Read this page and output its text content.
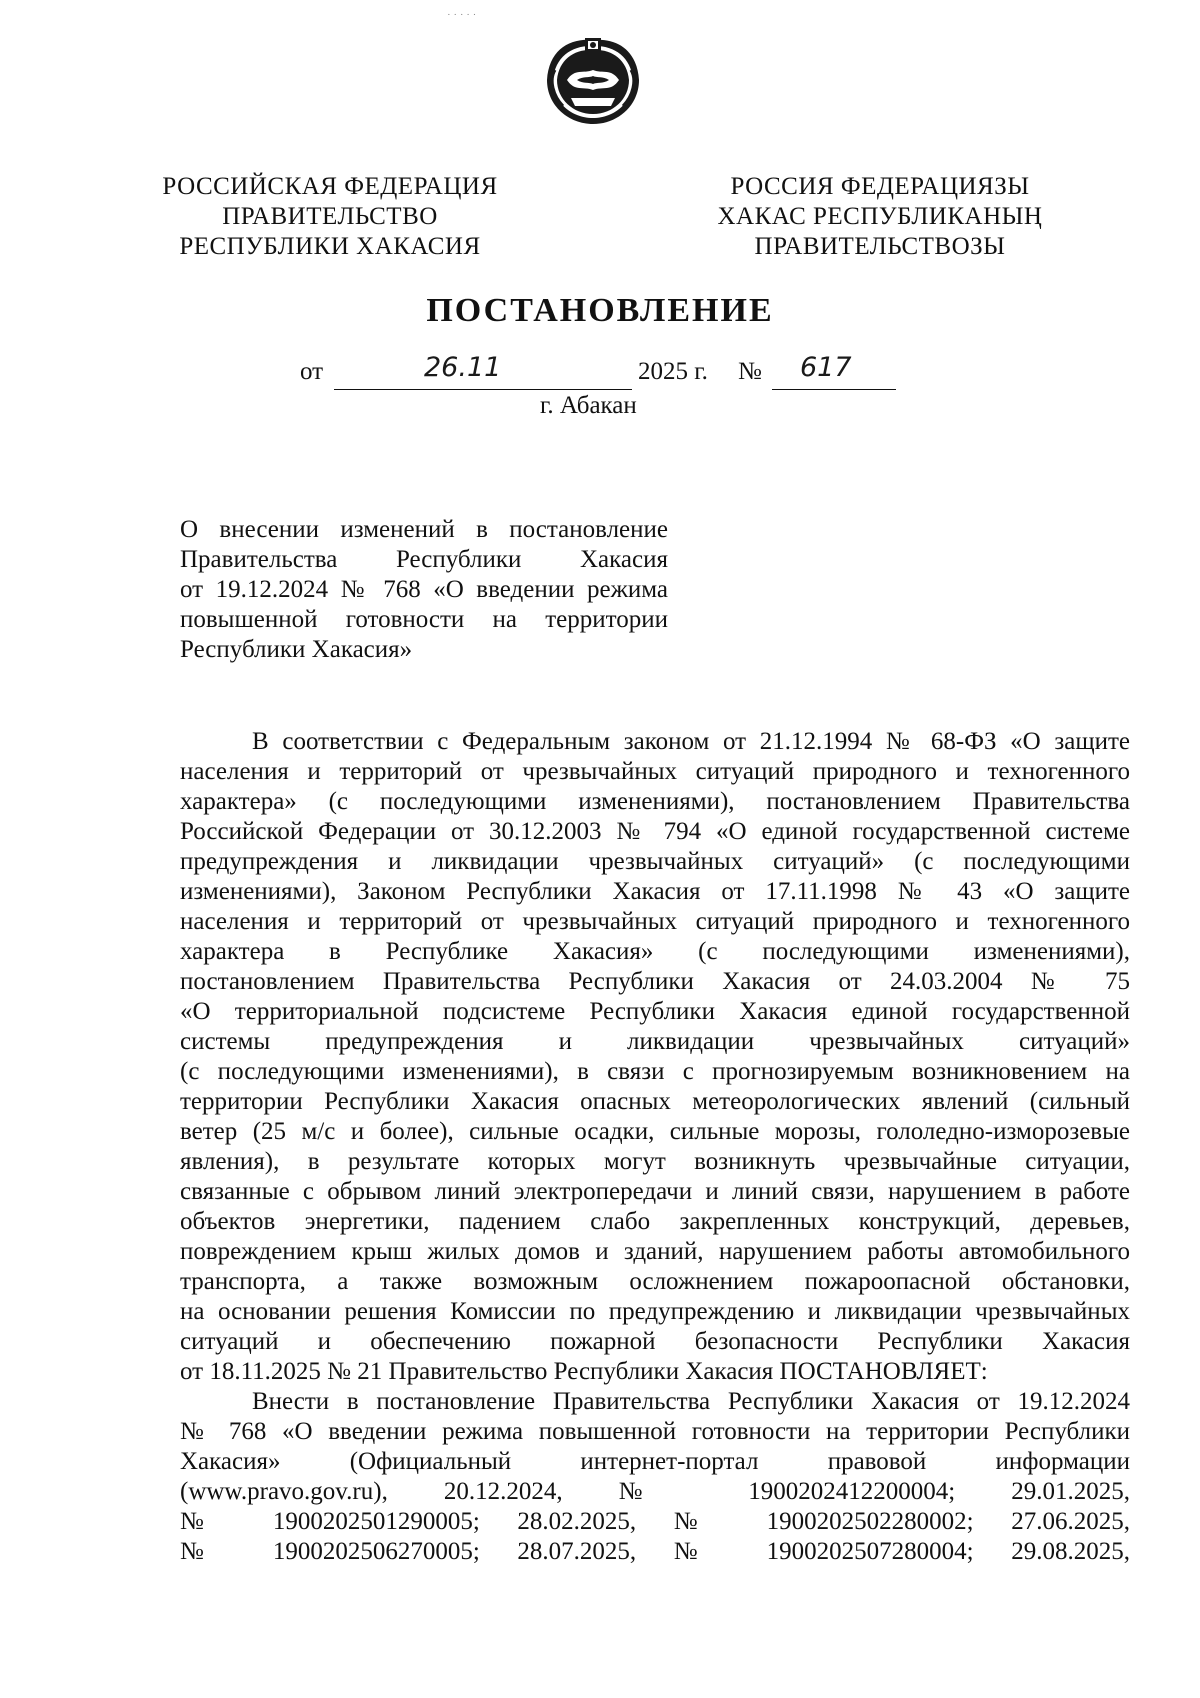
˙ ˙ ˙ ˙ ˙
РОССИЙСКАЯ ФЕДЕРАЦИЯ
ПРАВИТЕЛЬСТВО
РЕСПУБЛИКИ ХАКАСИЯ
РОССИЯ ФЕДЕРАЦИЯЗЫ
ХАКАС РЕСПУБЛИКАНЫҢ
ПРАВИТЕЛЬСТВОЗЫ
ПОСТАНОВЛЕНИЕ
от	26.11	2025 г. № 617
г. Абакан
О внесении изменений в постановление
Правительства Республики Хакасия
от 19.12.2024 № 768 «О введении режима
повышенной готовности на территории
Республики Хакасия»
В соответствии с Федеральным законом от 21.12.1994 № 68-ФЗ «О защите
населения и территорий от чрезвычайных ситуаций природного и техногенного
характера» (с последующими изменениями), постановлением Правительства
Российской Федерации от 30.12.2003 № 794 «О единой государственной системе
предупреждения и ликвидации чрезвычайных ситуаций» (с последующими
изменениями), Законом Республики Хакасия от 17.11.1998 № 43 «О защите
населения и территорий от чрезвычайных ситуаций природного и техногенного
характера в Республике Хакасия» (с последующими изменениями),
постановлением Правительства Республики Хакасия от 24.03.2004 № 75
«О территориальной подсистеме Республики Хакасия единой государственной
системы предупреждения и ликвидации чрезвычайных ситуаций»
(с последующими изменениями), в связи с прогнозируемым возникновением на
территории Республики Хакасия опасных метеорологических явлений (сильный
ветер (25 м/с и более), сильные осадки, сильные морозы, гололедно-изморозевые
явления), в результате которых могут возникнуть чрезвычайные ситуации,
связанные с обрывом линий электропередачи и линий связи, нарушением в работе
объектов энергетики, падением слабо закрепленных конструкций, деревьев,
повреждением крыш жилых домов и зданий, нарушением работы автомобильного
транспорта, а также возможным осложнением пожароопасной обстановки,
на основании решения Комиссии по предупреждению и ликвидации чрезвычайных
ситуаций и обеспечению пожарной безопасности Республики Хакасия
от 18.11.2025 № 21 Правительство Республики Хакасия ПОСТАНОВЛЯЕТ:
Внести в постановление Правительства Республики Хакасия от 19.12.2024
№ 768 «О введении режима повышенной готовности на территории Республики
Хакасия» (Официальный интернет-портал правовой информации
(www.pravo.gov.ru), 20.12.2024, № 1900202412200004; 29.01.2025,
№ 1900202501290005; 28.02.2025, № 1900202502280002; 27.06.2025,
№ 1900202506270005; 28.07.2025, № 1900202507280004; 29.08.2025,
